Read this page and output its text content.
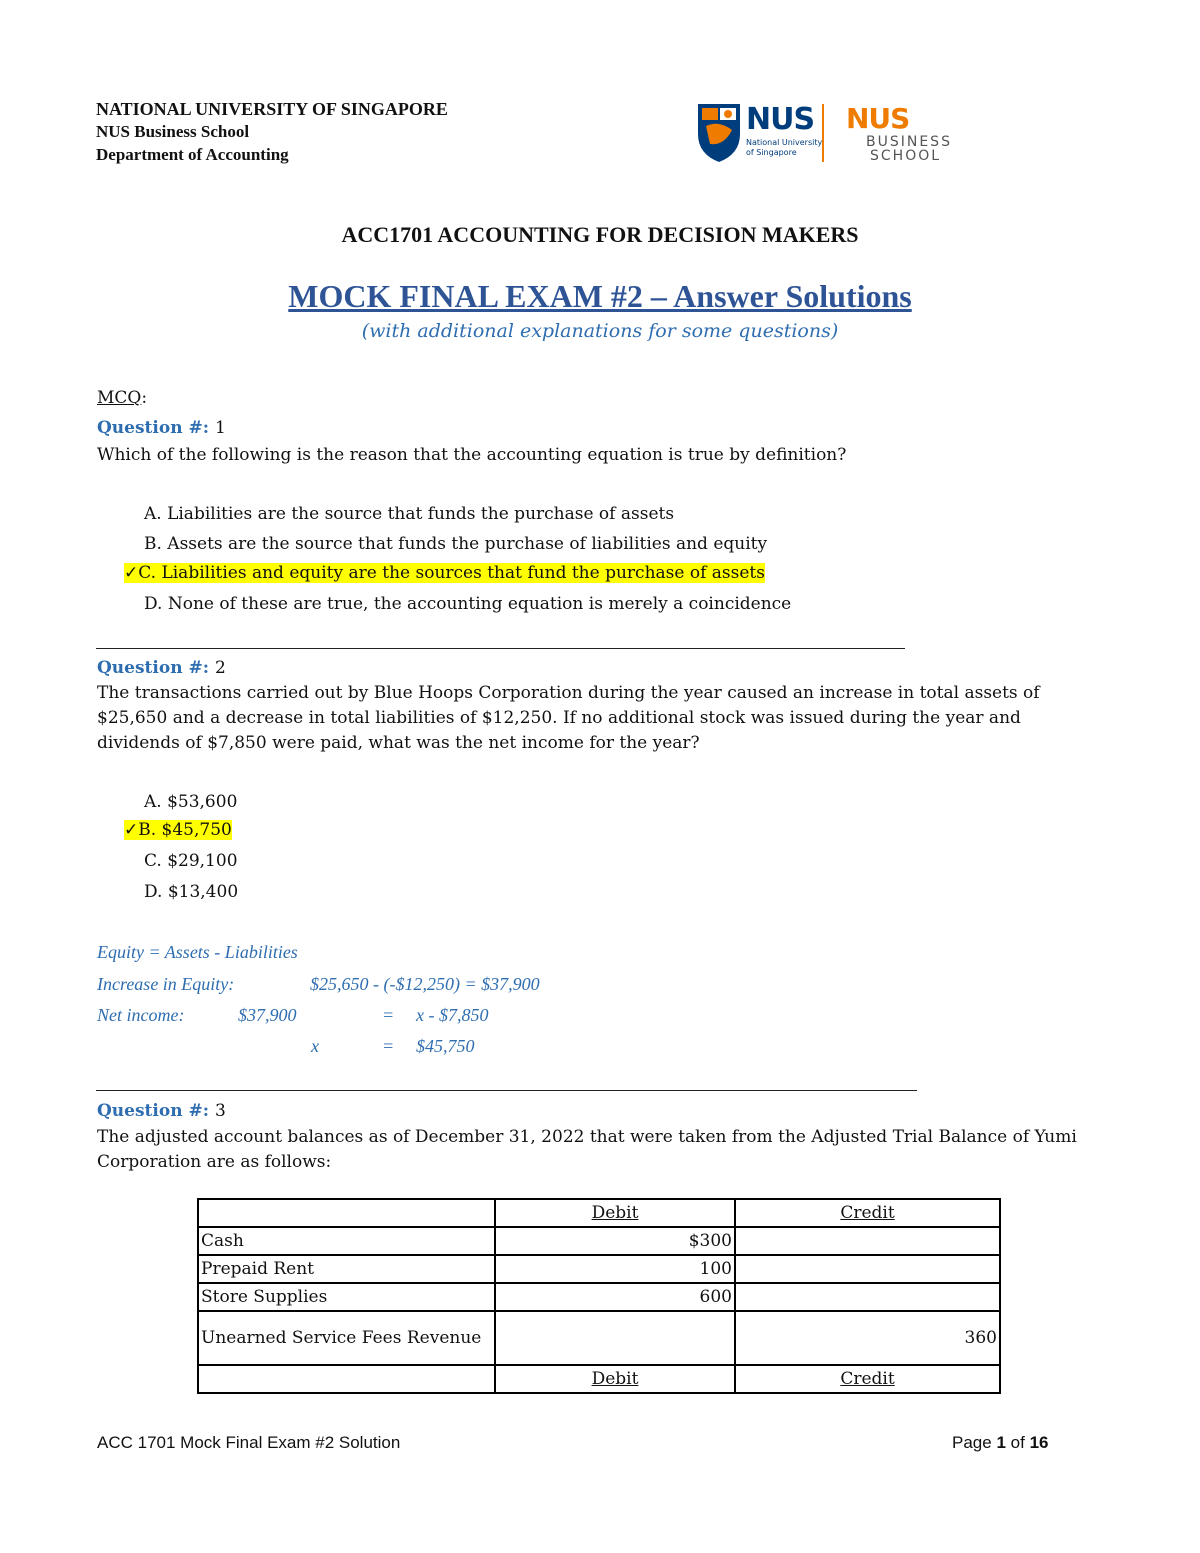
NATIONAL UNIVERSITY OF SINGAPORE
NUS Business School
Department of Accounting
NUS
National University
of Singapore
NUS
BUSINESS
SCHOOL
ACC1701 ACCOUNTING FOR DECISION MAKERS
MOCK FINAL EXAM #2 – Answer Solutions
(with additional explanations for some questions)
MCQ:
Question #: 1
Which of the following is the reason that the accounting equation is true by definition?
A. Liabilities are the source that funds the purchase of assets
B. Assets are the source that funds the purchase of liabilities and equity
✓C. Liabilities and equity are the sources that fund the purchase of assets
D. None of these are true, the accounting equation is merely a coincidence
Question #: 2
The transactions carried out by Blue Hoops Corporation during the year caused an increase in total assets of $25,650 and a decrease in total liabilities of $12,250. If no additional stock was issued during the year and dividends of $7,850 were paid, what was the net income for the year?
A. $53,600
✓B. $45,750
C. $29,100
D. $13,400
Equity = Assets - Liabilities
Increase in Equity:	$25,650 - (-$12,250) = $37,900
Net income:	$37,900	= x - $7,850
x	= $45,750
Question #: 3
The adjusted account balances as of December 31, 2022 that were taken from the Adjusted Trial Balance of Yumi Corporation are as follows:
	Debit	Credit
Cash	$300	
Prepaid Rent	100	
Store Supplies	600	
Unearned Service Fees Revenue		360
	Debit	Credit
ACC 1701 Mock Final Exam #2 Solution	Page 1 of 16
